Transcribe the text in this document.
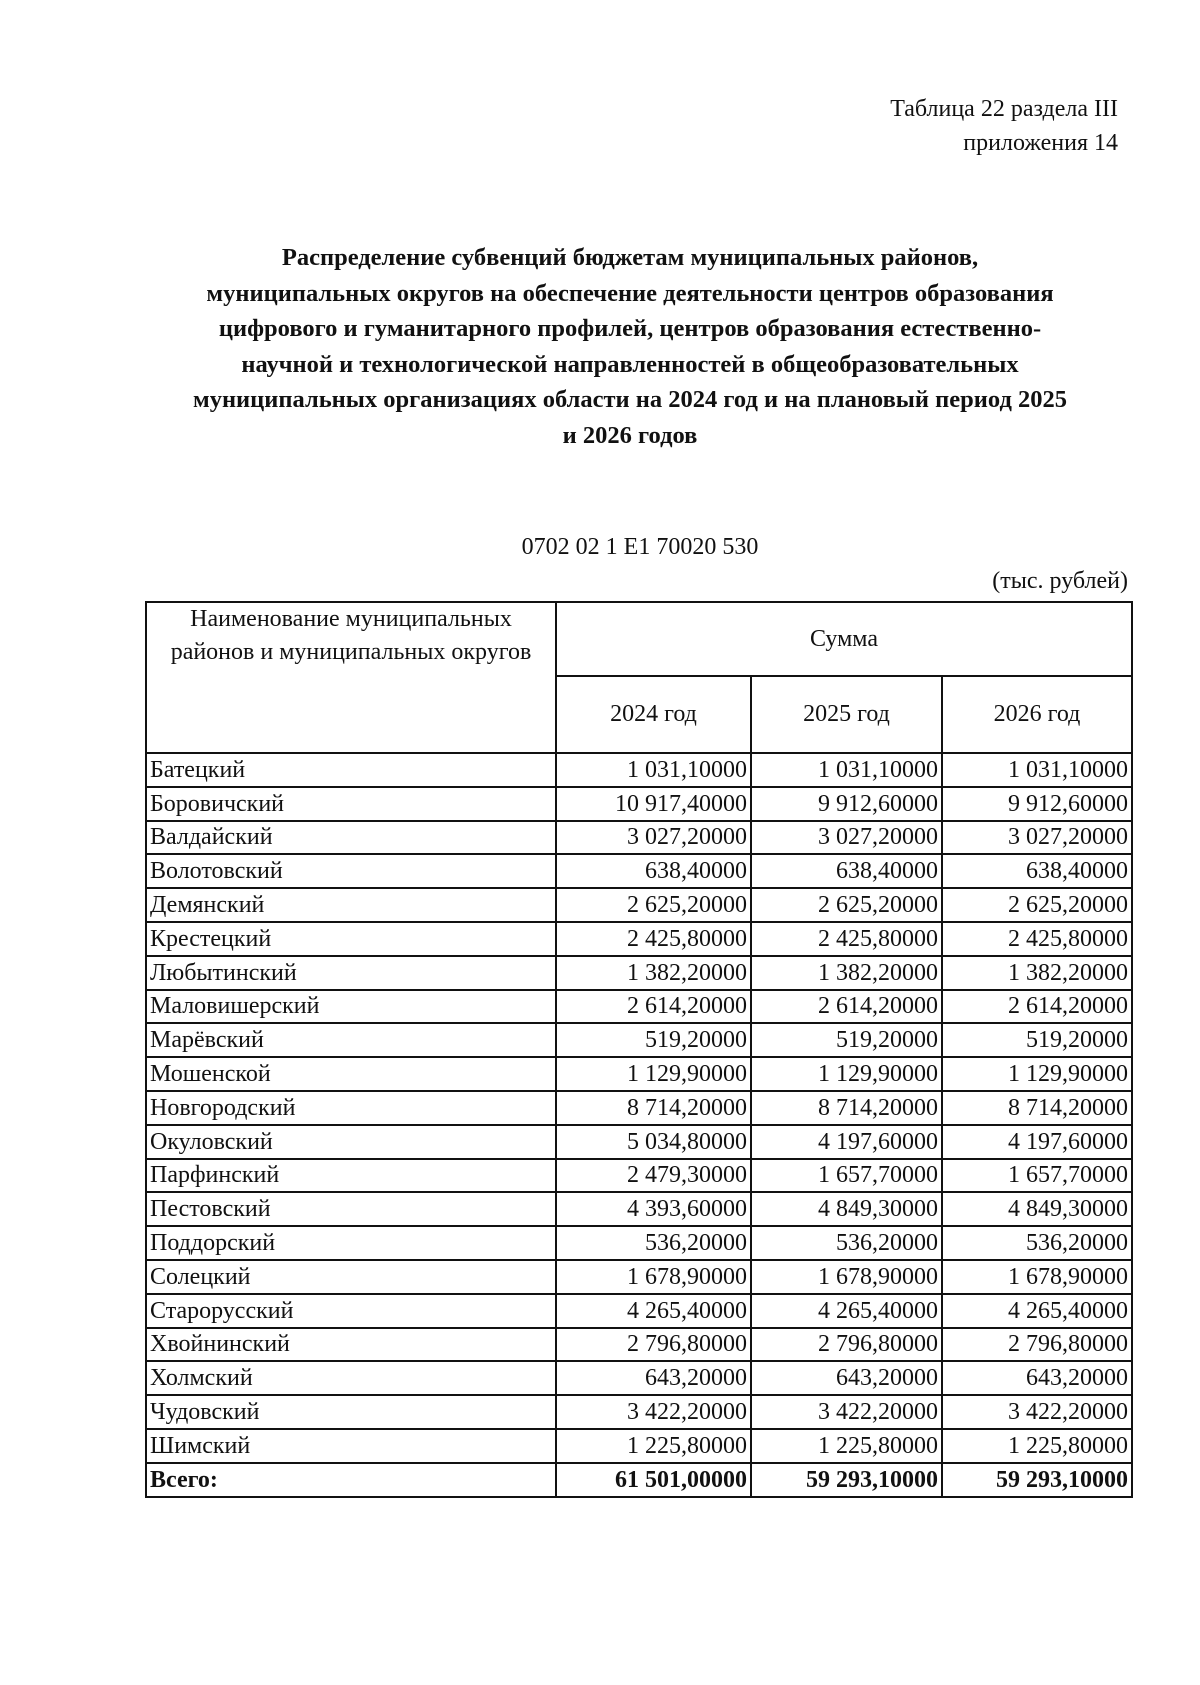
Таблица 22 раздела III
приложения 14
Распределение субвенций бюджетам муниципальных районов,
муниципальных округов на обеспечение деятельности центров образования
цифрового и гуманитарного профилей, центров образования естественно-
научной и технологической направленностей в общеобразовательных
муниципальных организациях области на 2024 год и на плановый период 2025
и 2026 годов
0702 02 1 E1 70020 530
(тыс. рублей)
Наименование муниципальных районов и муниципальных округов	Сумма		
	2024 год	2025 год	2026 год
Батецкий	1 031,10000	1 031,10000	1 031,10000
Боровичский	10 917,40000	9 912,60000	9 912,60000
Валдайский	3 027,20000	3 027,20000	3 027,20000
Волотовский	638,40000	638,40000	638,40000
Демянский	2 625,20000	2 625,20000	2 625,20000
Крестецкий	2 425,80000	2 425,80000	2 425,80000
Любытинский	1 382,20000	1 382,20000	1 382,20000
Маловишерский	2 614,20000	2 614,20000	2 614,20000
Марёвский	519,20000	519,20000	519,20000
Мошенской	1 129,90000	1 129,90000	1 129,90000
Новгородский	8 714,20000	8 714,20000	8 714,20000
Окуловский	5 034,80000	4 197,60000	4 197,60000
Парфинский	2 479,30000	1 657,70000	1 657,70000
Пестовский	4 393,60000	4 849,30000	4 849,30000
Поддорский	536,20000	536,20000	536,20000
Солецкий	1 678,90000	1 678,90000	1 678,90000
Старорусский	4 265,40000	4 265,40000	4 265,40000
Хвойнинский	2 796,80000	2 796,80000	2 796,80000
Холмский	643,20000	643,20000	643,20000
Чудовский	3 422,20000	3 422,20000	3 422,20000
Шимский	1 225,80000	1 225,80000	1 225,80000
Всего:	61 501,00000	59 293,10000	59 293,10000
